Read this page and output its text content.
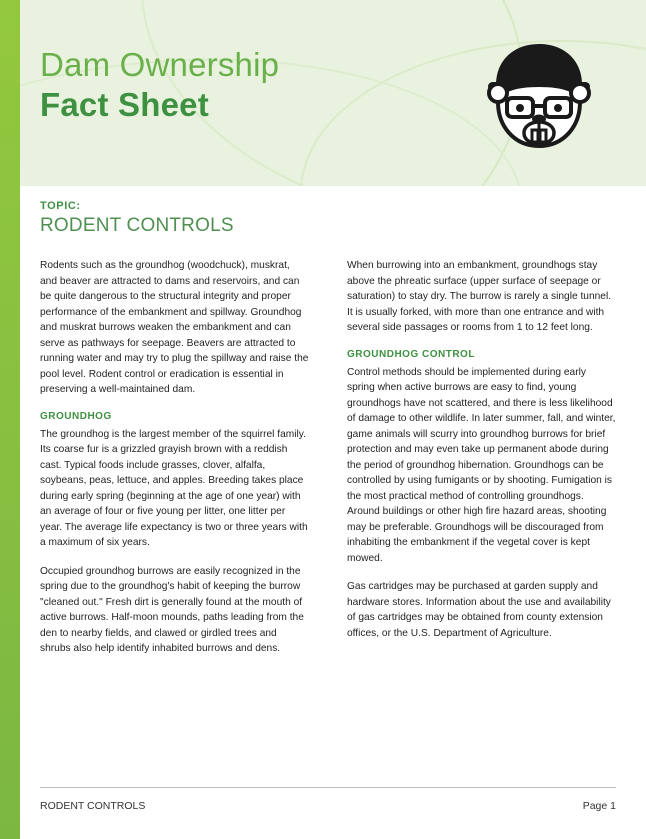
Dam Ownership
Fact Sheet
TOPIC:
RODENT CONTROLS

Rodents such as the groundhog (woodchuck), muskrat, and beaver are attracted to dams and reservoirs, and can be quite dangerous to the structural integrity and proper performance of the embankment and spillway. Groundhog and muskrat burrows weaken the embankment and can serve as pathways for seepage. Beavers are attracted to running water and may try to plug the spillway and raise the pool level. Rodent control or eradication is essential in preserving a well-maintained dam.

GROUNDHOG

The groundhog is the largest member of the squirrel family. Its coarse fur is a grizzled grayish brown with a reddish cast. Typical foods include grasses, clover, alfalfa, soybeans, peas, lettuce, and apples. Breeding takes place during early spring (beginning at the age of one year) with an average of four or five young per litter, one litter per year. The average life expectancy is two or three years with a maximum of six years.

Occupied groundhog burrows are easily recognized in the spring due to the groundhog's habit of keeping the burrow "cleaned out." Fresh dirt is generally found at the mouth of active burrows. Half-moon mounds, paths leading from the den to nearby fields, and clawed or girdled trees and shrubs also help identify inhabited burrows and dens.

When burrowing into an embankment, groundhogs stay above the phreatic surface (upper surface of seepage or saturation) to stay dry. The burrow is rarely a single tunnel. It is usually forked, with more than one entrance and with several side passages or rooms from 1 to 12 feet long.

GROUNDHOG CONTROL

Control methods should be implemented during early spring when active burrows are easy to find, young groundhogs have not scattered, and there is less likelihood of damage to other wildlife. In later summer, fall, and winter, game animals will scurry into groundhog burrows for brief protection and may even take up permanent abode during the period of groundhog hibernation. Groundhogs can be controlled by using fumigants or by shooting. Fumigation is the most practical method of controlling groundhogs. Around buildings or other high fire hazard areas, shooting may be preferable. Groundhogs will be discouraged from inhabiting the embankment if the vegetal cover is kept mowed.

Gas cartridges may be purchased at garden supply and hardware stores. Information about the use and availability of gas cartridges may be obtained from county extension offices, or the U.S. Department of Agriculture.

RODENT CONTROLS	Page 1
